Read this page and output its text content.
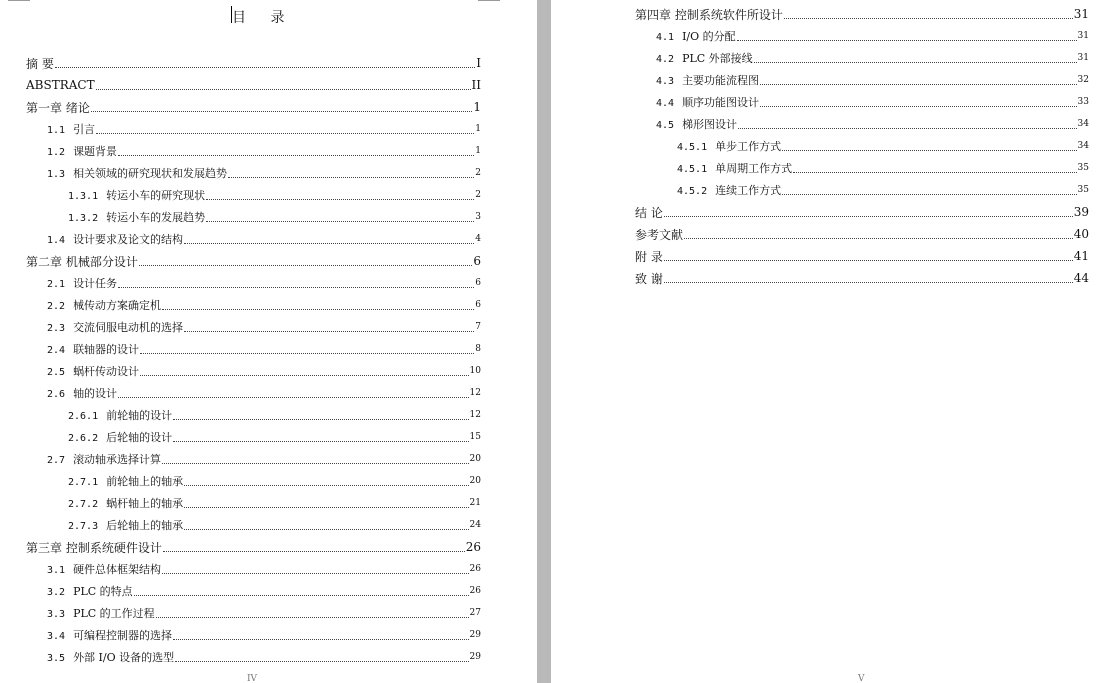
目 录
摘 要	I
ABSTRACT	II
第一章 绪论	1
1.1 引言	1
1.2 课题背景	1
1.3 相关领域的研究现状和发展趋势	2
1.3.1 转运小车的研究现状	2
1.3.2 转运小车的发展趋势	3
1.4 设计要求及论文的结构	4
第二章 机械部分设计	6
2.1 设计任务	6
2.2 械传动方案确定机	6
2.3 交流伺服电动机的选择	7
2.4 联轴器的设计	8
2.5 蜗杆传动设计	10
2.6 轴的设计	12
2.6.1 前轮轴的设计	12
2.6.2 后轮轴的设计	15
2.7 滚动轴承选择计算	20
2.7.1 前轮轴上的轴承	20
2.7.2 蜗杆轴上的轴承	21
2.7.3 后轮轴上的轴承	24
第三章 控制系统硬件设计	26
3.1 硬件总体框架结构	26
3.2 PLC 的特点	26
3.3 PLC 的工作过程	27
3.4 可编程控制器的选择	29
3.5 外部 I/O 设备的选型	29
IV
第四章 控制系统软件所设计	31
4.1 I/O 的分配	31
4.2 PLC 外部接线	31
4.3 主要功能流程图	32
4.4 顺序功能图设计	33
4.5 梯形图设计	34
4.5.1 单步工作方式	34
4.5.1 单周期工作方式	35
4.5.2 连续工作方式	35
结 论	39
参考文献	40
附 录	41
致 谢	44
V
